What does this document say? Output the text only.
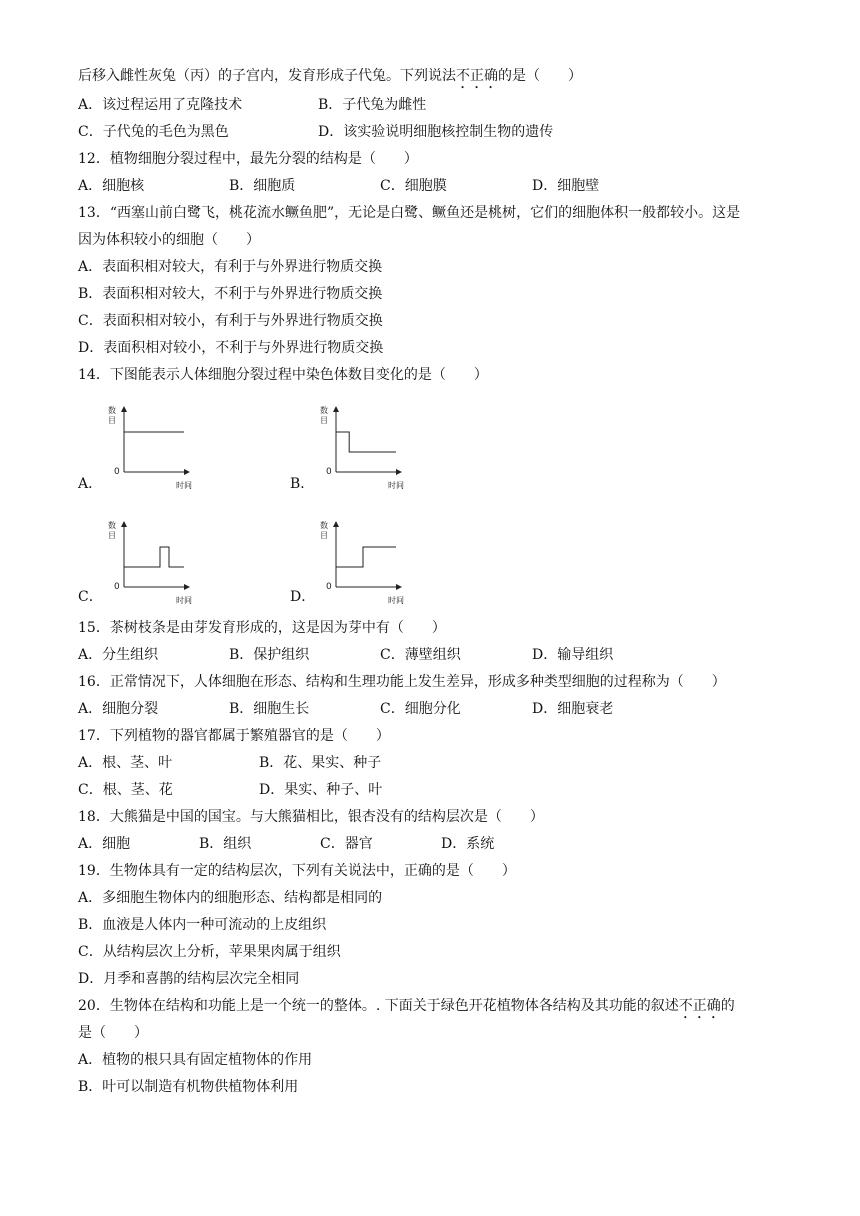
后移入雌性灰兔（丙）的子宫内，发育形成子代兔。下列说法不正确的是（　　）
A．该过程运用了克隆技术	B．子代兔为雌性
C．子代兔的毛色为黑色	D．该实验说明细胞核控制生物的遗传
12．植物细胞分裂过程中，最先分裂的结构是（　　）
A．细胞核	B．细胞质	C．细胞膜	D．细胞壁
13．“西塞山前白鹭飞，桃花流水鳜鱼肥”，无论是白鹭、鳜鱼还是桃树，它们的细胞体积一般都较小。这是
因为体积较小的细胞（　　）
A．表面积相对较大，有利于与外界进行物质交换
B．表面积相对较大，不利于与外界进行物质交换
C．表面积相对较小，有利于与外界进行物质交换
D．表面积相对较小，不利于与外界进行物质交换
14．下图能表示人体细胞分裂过程中染色体数目变化的是（　　）
A．	B．
C．	D．
数
目
0
时间
数
目
0
时间
数
目
0
时间
数
目
0
时间
15．茶树枝条是由芽发育形成的，这是因为芽中有（　　）
A．分生组织	B．保护组织	C．薄壁组织	D．输导组织
16．正常情况下，人体细胞在形态、结构和生理功能上发生差异，形成多种类型细胞的过程称为（　　）
A．细胞分裂	B．细胞生长	C．细胞分化	D．细胞衰老
17．下列植物的器官都属于繁殖器官的是（　　）
A．根、茎、叶	B．花、果实、种子
C．根、茎、花	D．果实、种子、叶
18．大熊猫是中国的国宝。与大熊猫相比，银杏没有的结构层次是（　　）
A．细胞	B．组织	C．器官	D．系统
19．生物体具有一定的结构层次，下列有关说法中，正确的是（　　）
A．多细胞生物体内的细胞形态、结构都是相同的
B．血液是人体内一种可流动的上皮组织
C．从结构层次上分析，苹果果肉属于组织
D．月季和喜鹊的结构层次完全相同
20．生物体在结构和功能上是一个统一的整体。. 下面关于绿色开花植物体各结构及其功能的叙述不正确的
是（　　）
A．植物的根只具有固定植物体的作用
B．叶可以制造有机物供植物体利用
